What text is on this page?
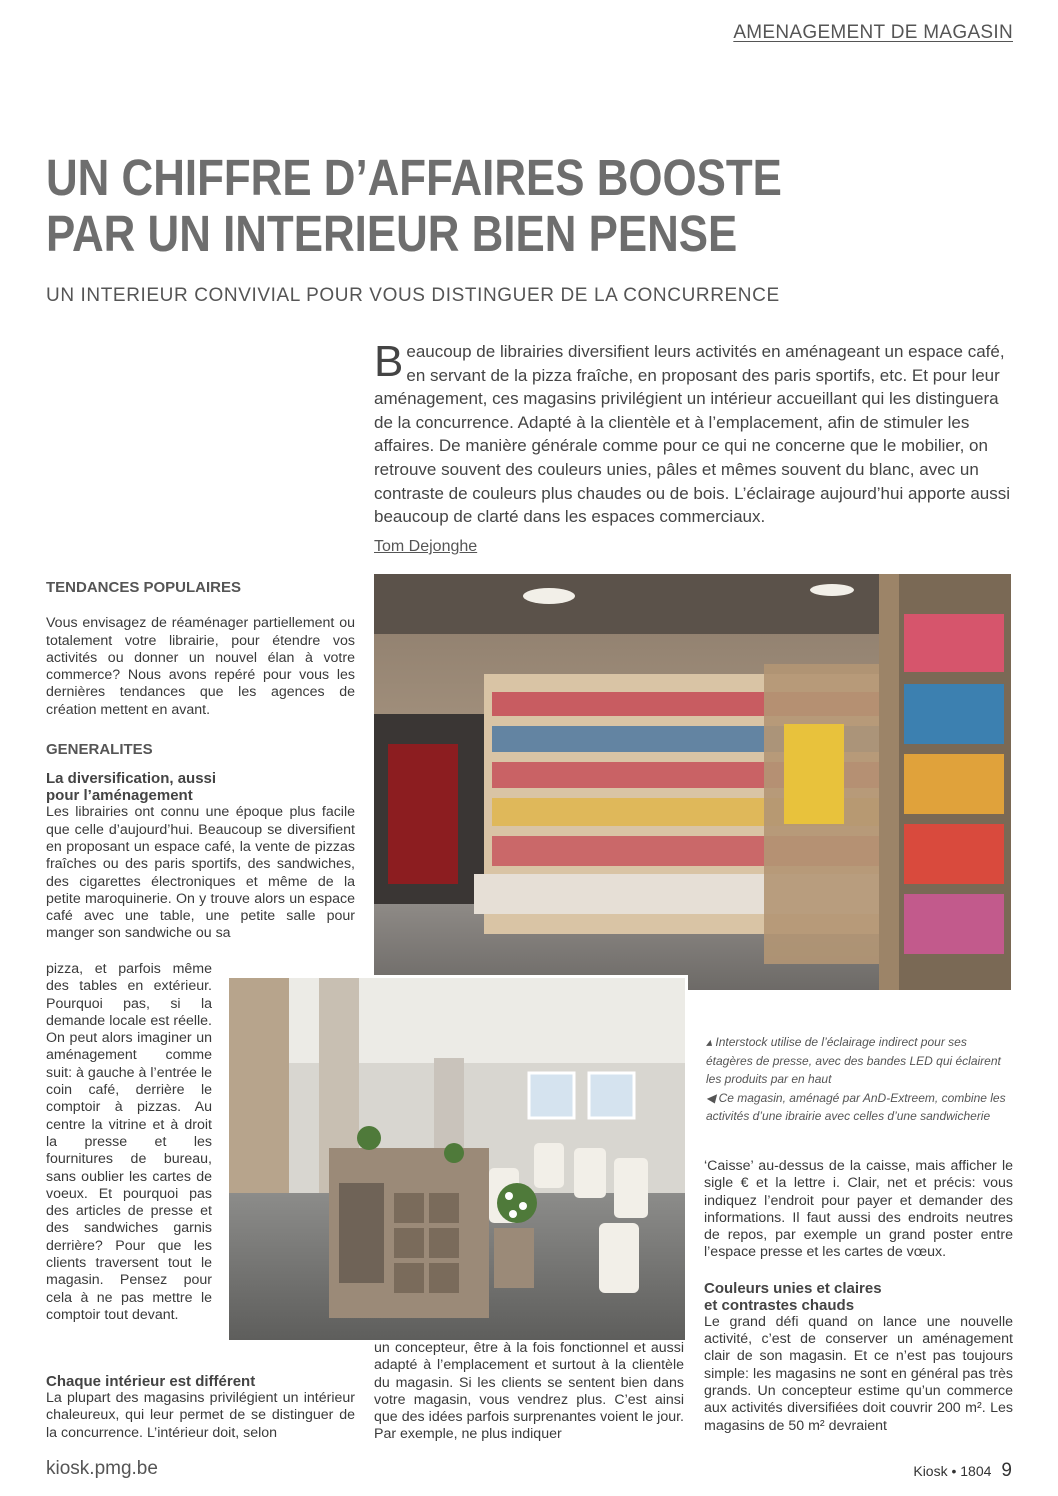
AMENAGEMENT DE MAGASIN
UN CHIFFRE D’AFFAIRES BOOSTE
PAR UN INTERIEUR BIEN PENSE
UN INTERIEUR CONVIVIAL POUR VOUS DISTINGUER DE LA CONCURRENCE
Beaucoup de librairies diversifient leurs activités en aménageant un espace café, en servant de la pizza fraîche, en proposant des paris sportifs, etc. Et pour leur aménagement, ces magasins privilégient un intérieur accueillant qui les distinguera de la concurrence. Adapté à la clientèle et à l’emplacement, afin de stimuler les affaires. De manière générale comme pour ce qui ne concerne que le mobilier, on retrouve souvent des couleurs unies, pâles et mêmes souvent du blanc, avec un contraste de couleurs plus chaudes ou de bois. L’éclairage aujourd’hui apporte aussi beaucoup de clarté dans les espaces commerciaux.
Tom Dejonghe
TENDANCES POPULAIRES

Vous envisagez de réaménager partiellement ou totalement votre librairie, pour étendre vos activités ou donner un nouvel élan à votre commerce? Nous avons repéré pour vous les dernières tendances que les agences de création mettent en avant.

GENERALITES
La diversification, aussi pour l’aménagement

Les librairies ont connu une époque plus facile que celle d’aujourd’hui. Beaucoup se diversifient en proposant un espace café, la vente de pizzas fraîches ou des paris sportifs, des sandwiches, des cigarettes électroniques et même de la petite maroquinerie. On y trouve alors un espace café avec une table, une petite salle pour manger son sandwiche ou sa

pizza, et parfois même des tables en extérieur. Pourquoi pas, si la demande locale est réelle. On peut alors imaginer un aménagement comme suit: à gauche à l’entrée le coin café, derrière le comptoir à pizzas. Au centre la vitrine et à droit la presse et les fournitures de bureau, sans oublier les cartes de voeux. Et pourquoi pas des articles de presse et des sandwiches garnis derrière? Pour que les clients traversent tout le magasin. Pensez pour cela à ne pas mettre le comptoir tout devant.

Chaque intérieur est différent

La plupart des magasins privilégient un intérieur chaleureux, qui leur permet de se distinguer de la concurrence. L’intérieur doit, selon

un concepteur, être à la fois fonctionnel et aussi adapté à l’emplacement et surtout à la clientèle du magasin. Si les clients se sentent bien dans votre magasin, vous vendrez plus. C’est ainsi que des idées parfois surprenantes voient le jour. Par exemple, ne plus indiquer

▴ Interstock utilise de l’éclairage indirect pour ses étagères de presse, avec des bandes LED qui éclairent les produits par en haut
◀ Ce magasin, aménagé par AnD-Extreem, combine les activités d’une ibrairie avec celles d’une sandwicherie

‘Caisse’ au-dessus de la caisse, mais afficher le sigle € et la lettre i. Clair, net et précis: vous indiquez l’endroit pour payer et demander des informations. Il faut aussi des endroits neutres de repos, par exemple un grand poster entre l’espace presse et les cartes de vœux.

Couleurs unies et claires et contrastes chauds

Le grand défi quand on lance une nouvelle activité, c’est de conserver un aménagement clair de son magasin. Et ce n’est pas toujours simple: les magasins ne sont en général pas très grands. Un concepteur estime qu’un commerce aux activités diversifiées doit couvrir 200 m². Les magasins de 50 m² devraient

kiosk.pmg.be	Kiosk • 1804 9
